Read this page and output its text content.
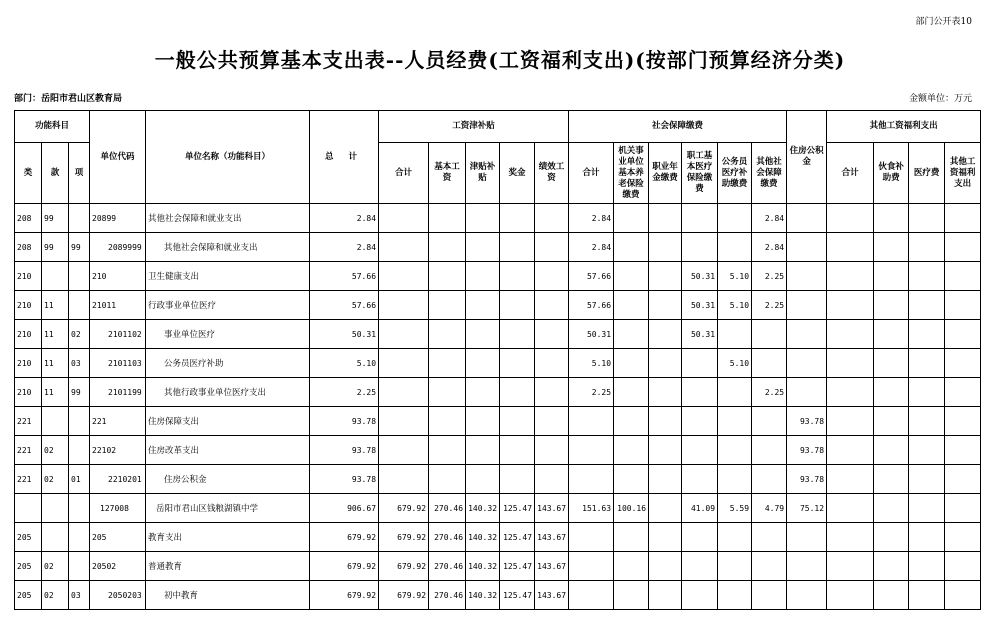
部门公开表10
一般公共预算基本支出表--人员经费(工资福利支出)(按部门预算经济分类)
部门：岳阳市君山区教育局	金额单位：万元
功能科目			单位代码	单位名称（功能科目）	总 计	工资津补贴					社会保障缴费						住房公积金	其他工资福利支出			
类	款	项				合计	基本工资	津贴补贴	奖金	绩效工资	合计	机关事业单位基本养老保险缴费	职业年金缴费	职工基本医疗保险缴费	公务员医疗补助缴费	其他社会保障缴费		合计	伙食补助费	医疗费	其他工资福利支出
208	99		20899	其他社会保障和就业支出	2.84						2.84					2.84					
208	99	99	2089999	其他社会保障和就业支出	2.84						2.84					2.84					
210			210	卫生健康支出	57.66						57.66			50.31	5.10	2.25					
210	11		21011	行政事业单位医疗	57.66						57.66			50.31	5.10	2.25					
210	11	02	2101102	事业单位医疗	50.31						50.31			50.31							
210	11	03	2101103	公务员医疗补助	5.10						5.10				5.10						
210	11	99	2101199	其他行政事业单位医疗支出	2.25						2.25					2.25					
221			221	住房保障支出	93.78												93.78				
221	02		22102	住房改革支出	93.78												93.78				
221	02	01	2210201	住房公积金	93.78												93.78				
			127008	岳阳市君山区钱粮湖镇中学	906.67	679.92	270.46	140.32	125.47	143.67	151.63	100.16		41.09	5.59	4.79	75.12				
205			205	教育支出	679.92	679.92	270.46	140.32	125.47	143.67											
205	02		20502	普通教育	679.92	679.92	270.46	140.32	125.47	143.67											
205	02	03	2050203	初中教育	679.92	679.92	270.46	140.32	125.47	143.67											
